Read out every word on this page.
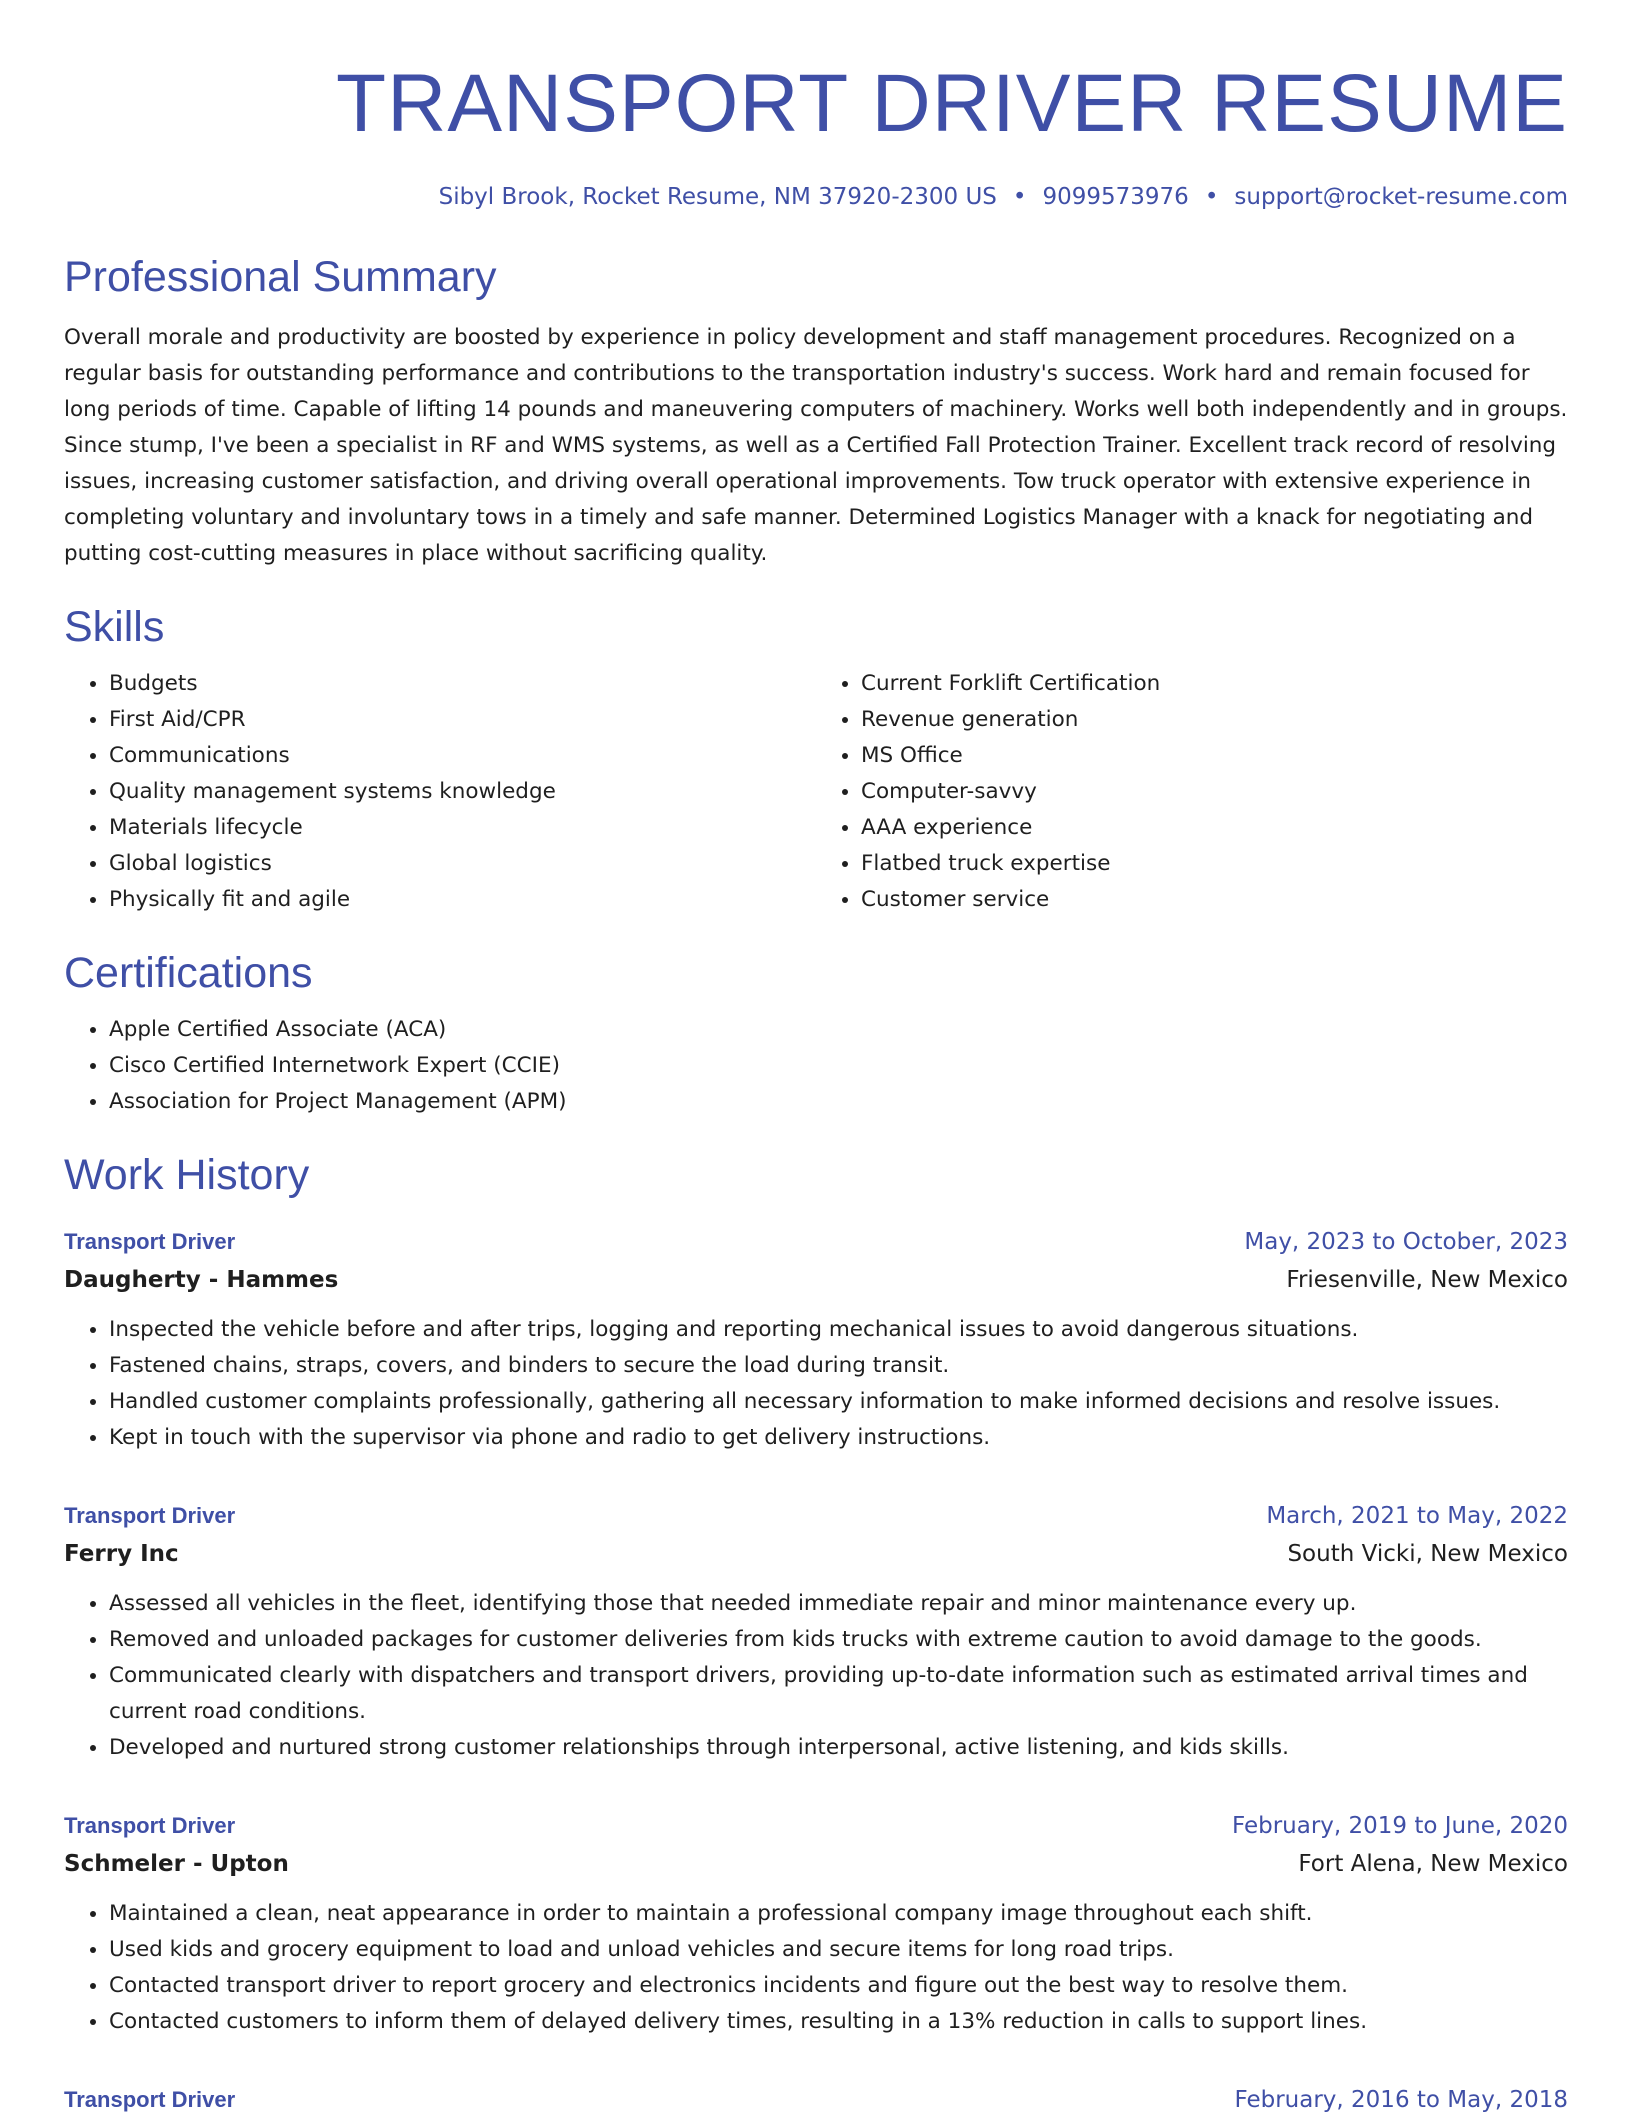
TRANSPORT DRIVER RESUME
Sibyl Brook, Rocket Resume, NM 37920-2300 US • 9099573976 • support@rocket-resume.com
Professional Summary

Overall morale and productivity are boosted by experience in policy development and staff management procedures. Recognized on a regular basis for outstanding performance and contributions to the transportation industry's success. Work hard and remain focused for long periods of time. Capable of lifting 14 pounds and maneuvering computers of machinery. Works well both independently and in groups. Since stump, I've been a specialist in RF and WMS systems, as well as a Certified Fall Protection Trainer. Excellent track record of resolving issues, increasing customer satisfaction, and driving overall operational improvements. Tow truck operator with extensive experience in completing voluntary and involuntary tows in a timely and safe manner. Determined Logistics Manager with a knack for negotiating and putting cost-cutting measures in place without sacrificing quality.

Skills
• Budgets
• First Aid/CPR
• Communications
• Quality management systems knowledge
• Materials lifecycle
• Global logistics
• Physically fit and agile
• Current Forklift Certification
• Revenue generation
• MS Office
• Computer-savvy
• AAA experience
• Flatbed truck expertise
• Customer service
Certifications
• Apple Certified Associate (ACA)
• Cisco Certified Internetwork Expert (CCIE)
• Association for Project Management (APM)
Work History
Transport Driver	May, 2023 to October, 2023
Daugherty - Hammes	Friesenville, New Mexico
• Inspected the vehicle before and after trips, logging and reporting mechanical issues to avoid dangerous situations.
• Fastened chains, straps, covers, and binders to secure the load during transit.
• Handled customer complaints professionally, gathering all necessary information to make informed decisions and resolve issues.
• Kept in touch with the supervisor via phone and radio to get delivery instructions.
Transport Driver	March, 2021 to May, 2022
Ferry Inc	South Vicki, New Mexico
• Assessed all vehicles in the fleet, identifying those that needed immediate repair and minor maintenance every up.
• Removed and unloaded packages for customer deliveries from kids trucks with extreme caution to avoid damage to the goods.
• Communicated clearly with dispatchers and transport drivers, providing up-to-date information such as estimated arrival times and current road conditions.
• Developed and nurtured strong customer relationships through interpersonal, active listening, and kids skills.
Transport Driver	February, 2019 to June, 2020
Schmeler - Upton	Fort Alena, New Mexico
• Maintained a clean, neat appearance in order to maintain a professional company image throughout each shift.
• Used kids and grocery equipment to load and unload vehicles and secure items for long road trips.
• Contacted transport driver to report grocery and electronics incidents and figure out the best way to resolve them.
• Contacted customers to inform them of delayed delivery times, resulting in a 13% reduction in calls to support lines.
Transport Driver	February, 2016 to May, 2018
